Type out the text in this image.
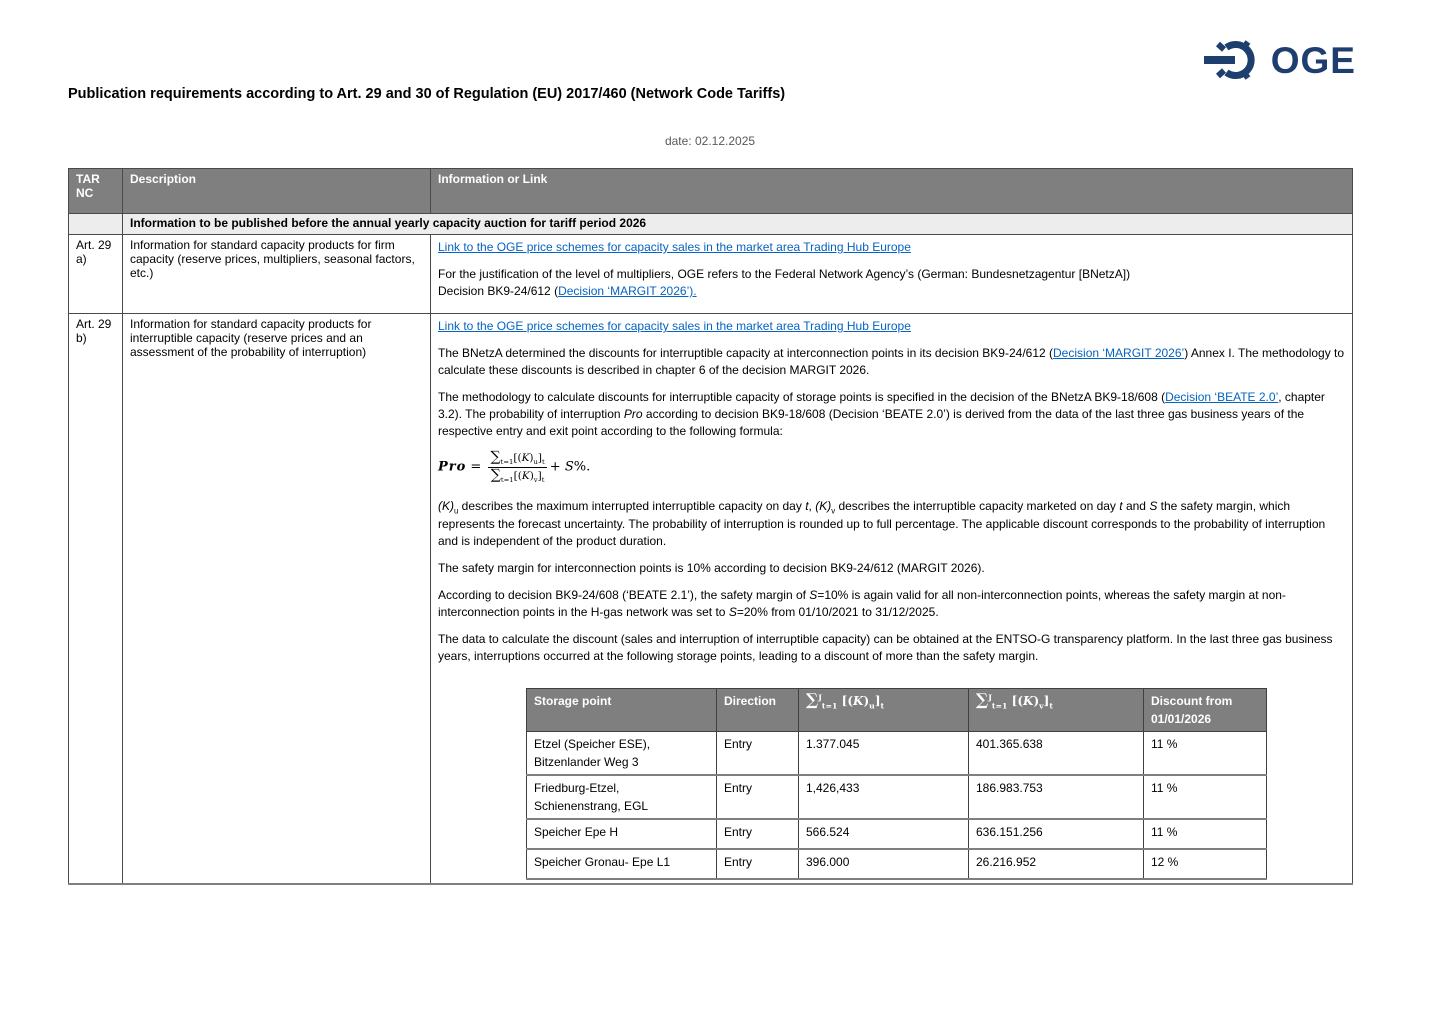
OGE
Publication requirements according to Art. 29 and 30 of Regulation (EU) 2017/460 (Network Code Tariffs)
date: 02.12.2025
TAR NC	Description	Information or Link
	Information to be published before the annual yearly capacity auction for tariff period 2026
Art. 29 a)	Information for standard capacity products for firm capacity (reserve prices, multipliers, seasonal factors, etc.)	

Link to the OGE price schemes for capacity sales in the market area Trading Hub Europe

For the justification of the level of multipliers, OGE refers to the Federal Network Agency’s (German: Bundesnetzagentur [BNetzA])
Decision BK9-24/612 (Decision ‘MARGIT 2026’).

Art. 29 b)	Information for standard capacity products for interruptible capacity (reserve prices and an assessment of the probability of interruption)	

Link to the OGE price schemes for capacity sales in the market area Trading Hub Europe

The BNetzA determined the discounts for interruptible capacity at interconnection points in its decision BK9-24/612 (Decision ‘MARGIT 2026’) Annex I. The methodology to calculate these discounts is described in chapter 6 of the decision MARGIT 2026.

The methodology to calculate discounts for interruptible capacity of storage points is specified in the decision of the BNetzA BK9-18/608 (Decision ‘BEATE 2.0’, chapter 3.2). The probability of interruption Pro according to decision BK9-18/608 (Decision ‘BEATE 2.0’) is derived from the data of the last three gas business years of the respective entry and exit point according to the following formula:

Pro = $\frac{\sum_{t=1}[(K)_u]_t}{\sum_{t=1}[(K)_v]_t} + S\%$.

$(K)_u$ describes the maximum interrupted interruptible capacity on day t, $(K)_v$ describes the interruptible capacity marketed on day t and S the safety margin, which represents the forecast uncertainty. The probability of interruption is rounded up to full percentage. The applicable discount corresponds to the probability of interruption and is independent of the product duration.

The safety margin for interconnection points is 10% according to decision BK9-24/612 (MARGIT 2026).

According to decision BK9-24/608 (‘BEATE 2.1’), the safety margin of S=10% is again valid for all non-interconnection points, whereas the safety margin at non-interconnection points in the H-gas network was set to S=20% from 01/10/2021 to 31/12/2025.

The data to calculate the discount (sales and interruption of interruptible capacity) can be obtained at the ENTSO-G transparency platform. In the last three gas business years, interruptions occurred at the following storage points, leading to a discount of more than the safety margin.

Storage point	Direction	∑$^J_{t=1}$ $[(K)_u]_t$	∑$^J_{t=1}$ $[(K)_v]_t$	Discount from 01/01/2026
Etzel (Speicher ESE), Bitzenlander Weg 3	Entry	1.377.045	401.365.638	11 %
Friedburg-Etzel, Schienenstrang, EGL	Entry	1,426,433	186.983.753	11 %
Speicher Epe H	Entry	566.524	636.151.256	11 %
Speicher Gronau- Epe L1	Entry	396.000	26.216.952	12 %
